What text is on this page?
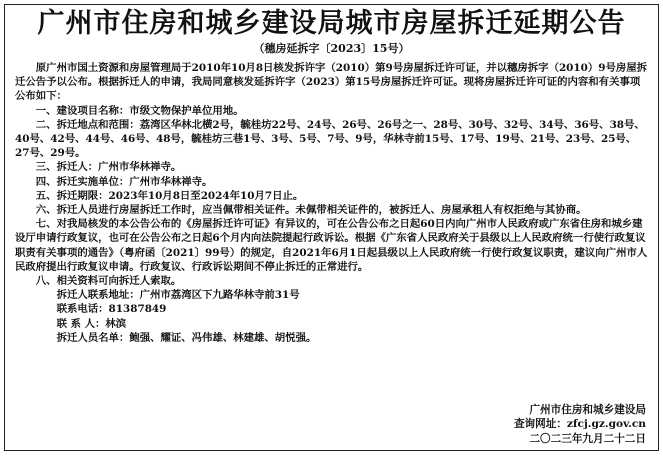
广州市住房和城乡建设局城市房屋拆迁延期公告
（穗房延拆字〔2023〕15号）

原广州市国土资源和房屋管理局于2010年10月8日核发拆许字（2010）第9号房屋拆迁许可证，并以穗房拆字（2010）9号房屋拆迁公告予以公布。根据拆迁人的申请，我局同意核发延拆许字（2023）第15号房屋拆迁许可证。现将房屋拆迁许可证的内容和有关事项公布如下：

一、建设项目名称：市级文物保护单位用地。

二、拆迁地点和范围：荔湾区华林北横2号，毓桂坊22号、24号、26号、26号之一、28号、30号、32号、34号、36号、38号、40号、42号、44号、46号、48号，毓桂坊三巷1号、3号、5号、7号、9号，华林寺前15号、17号、19号、21号、23号、25号、27号、29号。

三、拆迁人：广州市华林禅寺。

四、拆迁实施单位：广州市华林禅寺。

五、拆迁期限：2023年10月8日至2024年10月7日止。

六、拆迁人员进行房屋拆迁工作时，应当佩带相关证件。未佩带相关证件的，被拆迁人、房屋承租人有权拒绝与其协商。

七、对我局核发的本公告公布的《房屋拆迁许可证》有异议的，可在公告公布之日起60日内向广州市人民政府或广东省住房和城乡建设厅申请行政复议，也可在公告公布之日起6个月内向法院提起行政诉讼。根据《广东省人民政府关于县级以上人民政府统一行使行政复议职责有关事项的通告》（粤府函〔2021〕99号）的规定，自2021年6月1日起县级以上人民政府统一行使行政复议职责，建议向广州市人民政府提出行政复议申请。行政复议、行政诉讼期间不停止拆迁的正常进行。

八、相关资料可向拆迁人索取。

拆迁人联系地址：广州市荔湾区下九路华林寺前31号

联系电话：81387849

联 系 人：林滨

拆迁人员名单：鲍强、耀证、冯伟雄、林建雄、胡悦强。

广州市住房和城乡建设局
查询网址：zfcj.gz.gov.cn
二〇二三年九月二十二日
